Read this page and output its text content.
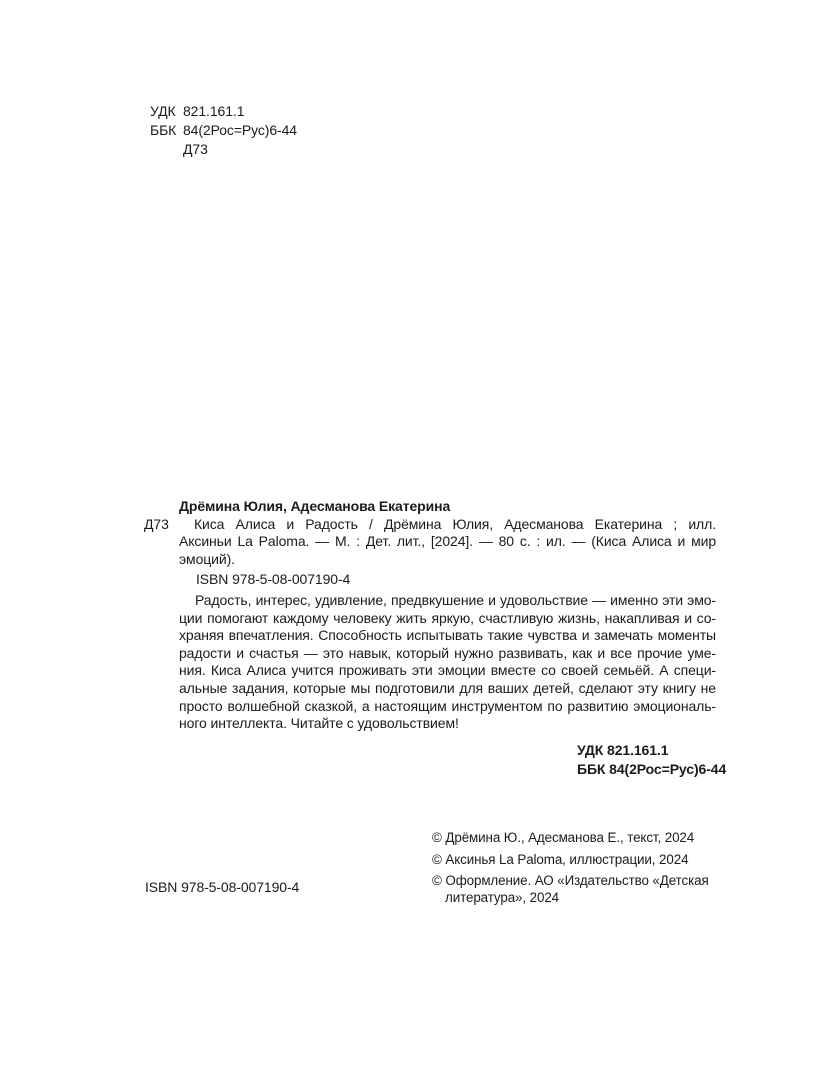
УДК 821.161.1
ББК 84(2Рос=Рус)6-44
Д73
Дрёмина Юлия, Адесманова Екатерина
Д73	Киса Алиса и Радость / Дрёмина Юлия, Адесманова Екатерина ; илл.
Аксиньи La Paloma. — М. : Дет. лит., [2024]. — 80 с. : ил. — (Киса Алиса и мир
эмоций).
ISBN 978-5-08-007190-4
Радость, интерес, удивление, предвкушение и удовольствие — именно эти эмо-
ции помогают каждому человеку жить яркую, счастливую жизнь, накапливая и со-
храняя впечатления. Способность испытывать такие чувства и замечать моменты
радости и счастья — это навык, который нужно развивать, как и все прочие уме-
ния. Киса Алиса учится проживать эти эмоции вместе со своей семьёй. А специ-
альные задания, которые мы подготовили для ваших детей, сделают эту книгу не
просто волшебной сказкой, а настоящим инструментом по развитию эмоциональ-
ного интеллекта. Читайте с удовольствием!
УДК 821.161.1
ББК 84(2Рос=Рус)6-44
© Дрёмина Ю., Адесманова Е., текст, 2024
© Аксинья La Paloma, иллюстрации, 2024
© Оформление. АО «Издательство «Детская
литература», 2024
ISBN 978-5-08-007190-4
